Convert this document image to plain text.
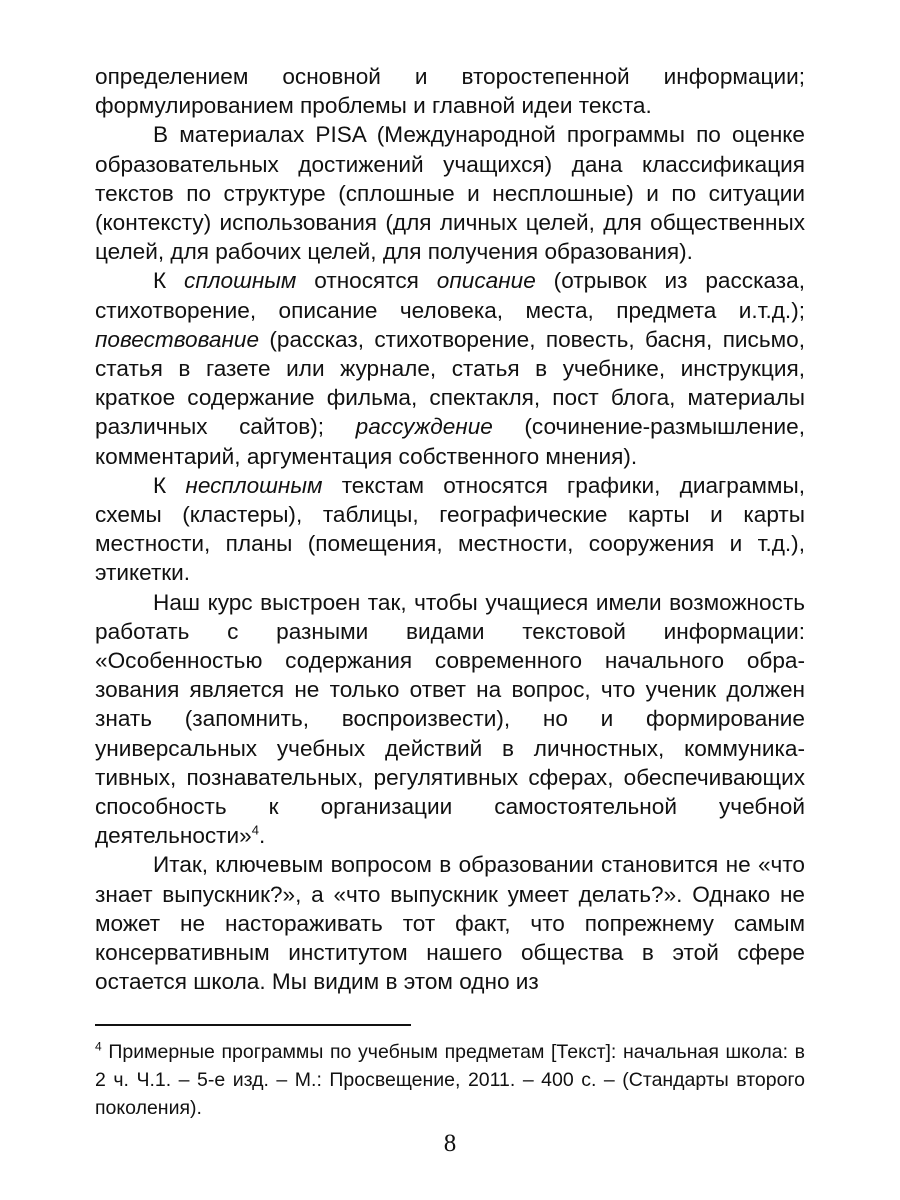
определением основной и второстепенной информации; формулированием проблемы и главной идеи текста.

В материалах PISA (Международной программы по оценке образовательных достижений учащихся) дана классификация текстов по структуре (сплошные и несплошные) и по ситуации (контексту) использования (для личных целей, для общественных целей, для рабочих целей, для получения образования).

К сплошным относятся описание (отрывок из рассказа, стихотворение, описание человека, места, предмета и.т.д.); повествование (рассказ, стихотворение, повесть, басня, письмо, статья в газете или журнале, статья в учебнике, инструкция, краткое содержание фильма, спектакля, пост блога, материалы различных сайтов); рассуждение (сочинение-размышление, комментарий, аргументация собственного мнения).

К несплошным текстам относятся графики, диаграммы, схемы (кластеры), таблицы, географические карты и карты местности, планы (помещения, местности, сооружения и т.д.), этикетки.

Наш курс выстроен так, чтобы учащиеся имели возможность работать с разными видами текстовой информации: «Особенностью содержания современного начального образования является не только ответ на вопрос, что ученик должен знать (запомнить, воспроизвести), но и формирование универсальных учебных действий в личностных, коммуникативных, познавательных, регулятивных сферах, обеспечивающих способность к организации самостоятельной учебной деятельности»$^4$.

Итак, ключевым вопросом в образовании становится не «что знает выпускник?», а «что выпускник умеет делать?». Однако не может не настораживать тот факт, что попрежнему самым консервативным институтом нашего общества в этой сфере остается школа. Мы видим в этом одно из

$^4$ Примерные программы по учебным предметам [Текст]: начальная школа: в 2 ч. Ч.1. – 5-е изд. – М.: Просвещение, 2011. – 400 с. – (Стандарты второго поколения).
8
